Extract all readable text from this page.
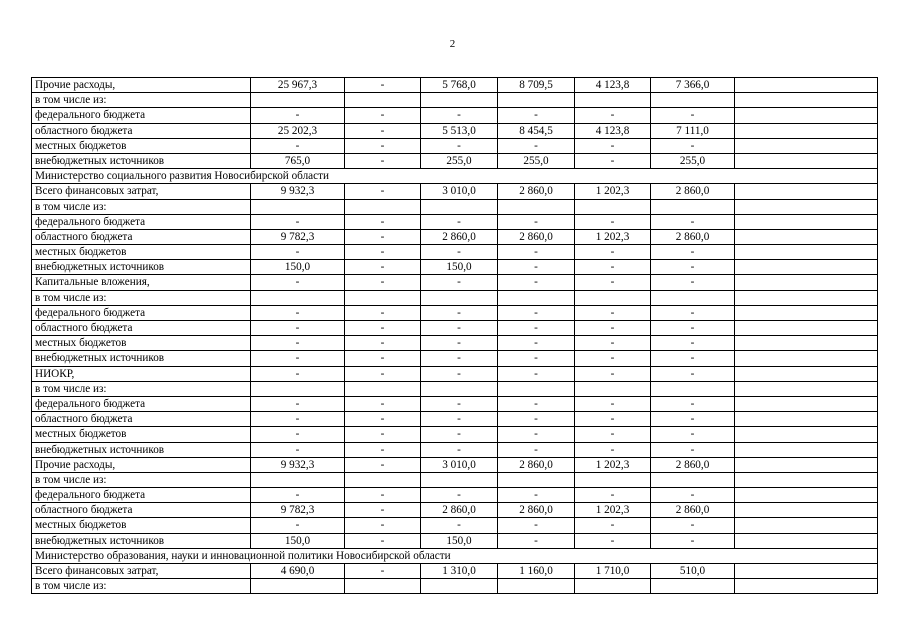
2
Прочие расходы,	25 967,3	-	5 768,0	8 709,5	4 123,8	7 366,0	
в том числе из:							
федерального бюджета	-	-	-	-	-	-	
областного бюджета	25 202,3	-	5 513,0	8 454,5	4 123,8	7 111,0	
местных бюджетов	-	-	-	-	-	-	
внебюджетных источников	765,0	-	255,0	255,0	-	255,0	
Министерство социального развития Новосибирской области							
Всего финансовых затрат,	9 932,3	-	3 010,0	2 860,0	1 202,3	2 860,0	
в том числе из:							
федерального бюджета	-	-	-	-	-	-	
областного бюджета	9 782,3	-	2 860,0	2 860,0	1 202,3	2 860,0	
местных бюджетов	-	-	-	-	-	-	
внебюджетных источников	150,0	-	150,0	-	-	-	
Капитальные вложения,	-	-	-	-	-	-	
в том числе из:							
федерального бюджета	-	-	-	-	-	-	
областного бюджета	-	-	-	-	-	-	
местных бюджетов	-	-	-	-	-	-	
внебюджетных источников	-	-	-	-	-	-	
НИОКР,	-	-	-	-	-	-	
в том числе из:							
федерального бюджета	-	-	-	-	-	-	
областного бюджета	-	-	-	-	-	-	
местных бюджетов	-	-	-	-	-	-	
внебюджетных источников	-	-	-	-	-	-	
Прочие расходы,	9 932,3	-	3 010,0	2 860,0	1 202,3	2 860,0	
в том числе из:							
федерального бюджета	-	-	-	-	-	-	
областного бюджета	9 782,3	-	2 860,0	2 860,0	1 202,3	2 860,0	
местных бюджетов	-	-	-	-	-	-	
внебюджетных источников	150,0	-	150,0	-	-	-	
Министерство образования, науки и инновационной политики Новосибирской области							
Всего финансовых затрат,	4 690,0	-	1 310,0	1 160,0	1 710,0	510,0	
в том числе из:							
